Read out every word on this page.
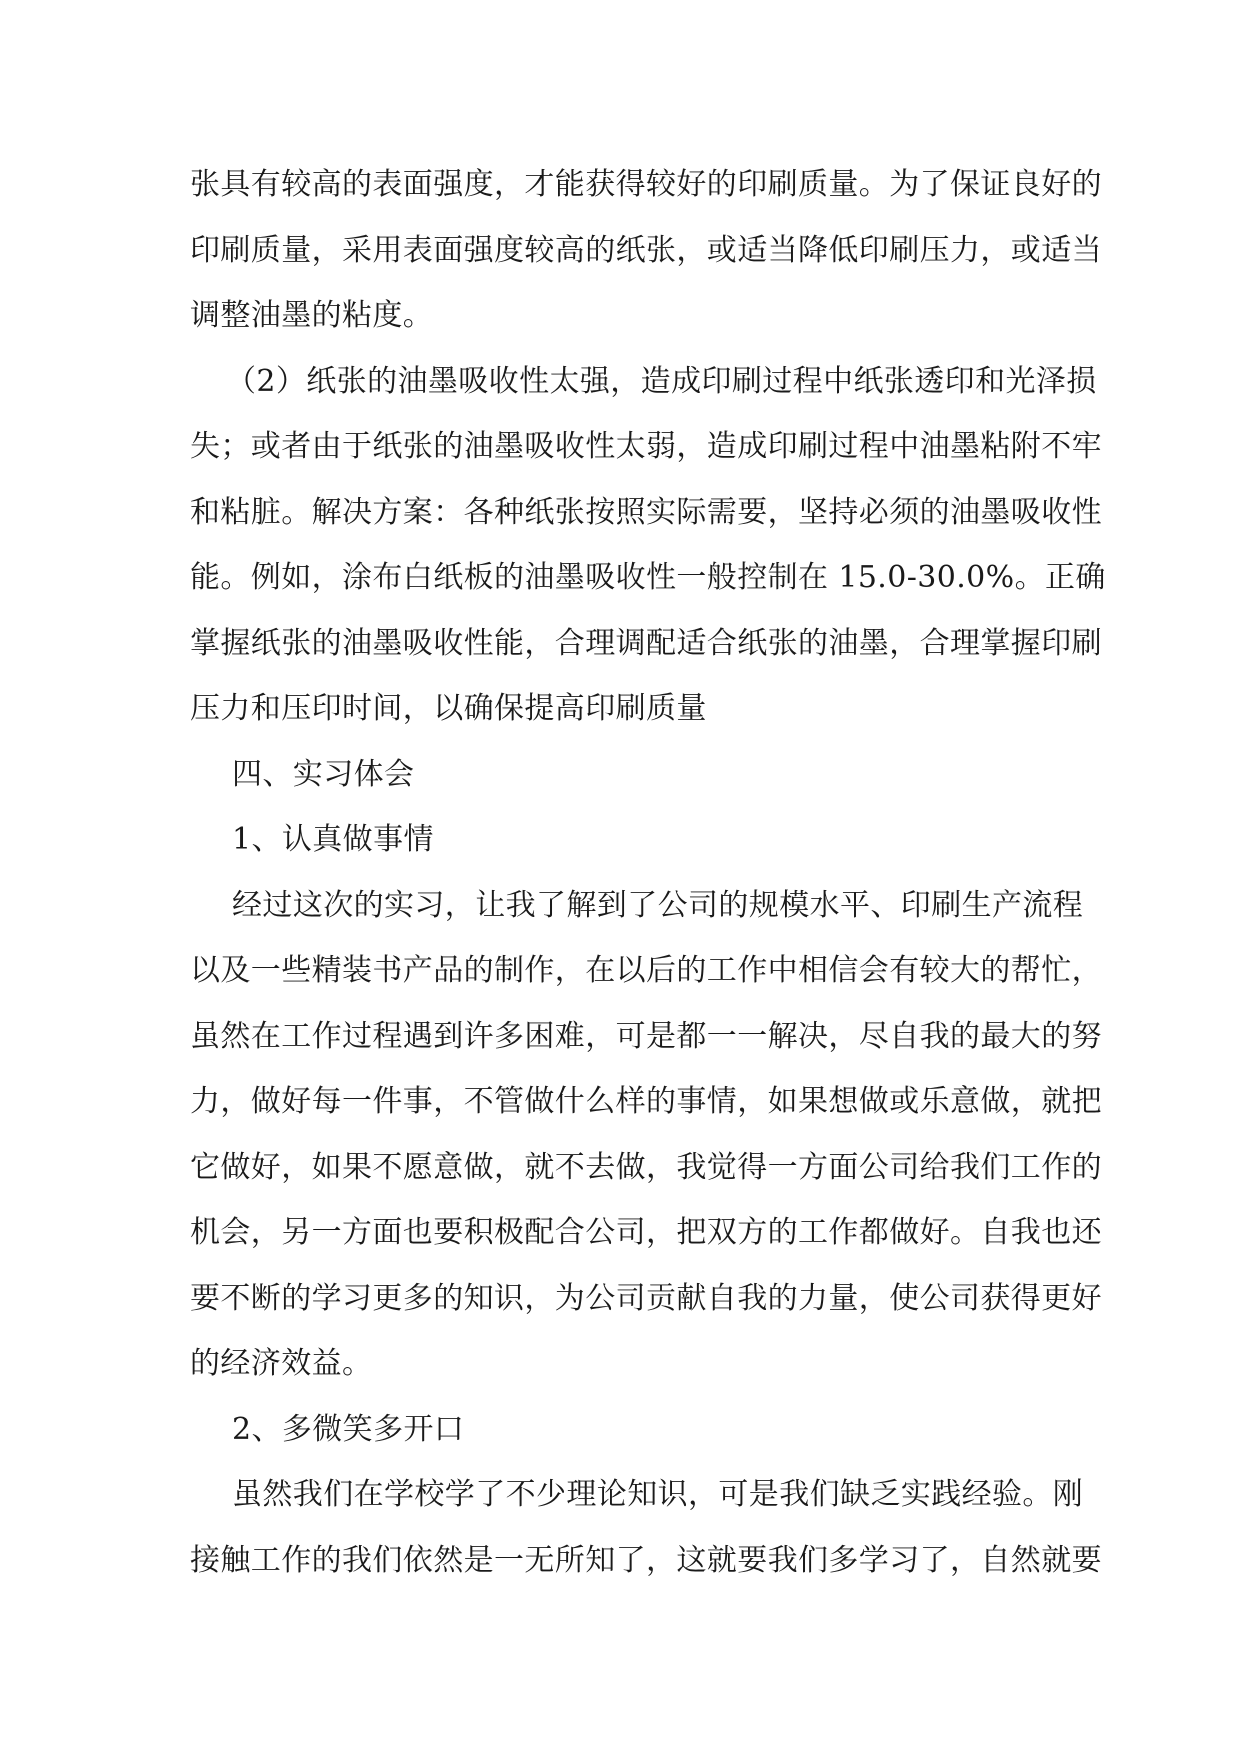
张具有较高的表面强度，才能获得较好的印刷质量。为了保证良好的
印刷质量，采用表面强度较高的纸张，或适当降低印刷压力，或适当
调整油墨的粘度。
（2）纸张的油墨吸收性太强，造成印刷过程中纸张透印和光泽损
失；或者由于纸张的油墨吸收性太弱，造成印刷过程中油墨粘附不牢
和粘脏。解决方案：各种纸张按照实际需要，坚持必须的油墨吸收性
能。例如，涂布白纸板的油墨吸收性一般控制在 15.0-30.0%。正确
掌握纸张的油墨吸收性能，合理调配适合纸张的油墨，合理掌握印刷
压力和压印时间，以确保提高印刷质量
四、实习体会
1、认真做事情
经过这次的实习，让我了解到了公司的规模水平、印刷生产流程
以及一些精装书产品的制作，在以后的工作中相信会有较大的帮忙，
虽然在工作过程遇到许多困难，可是都一一解决，尽自我的最大的努
力，做好每一件事，不管做什么样的事情，如果想做或乐意做，就把
它做好，如果不愿意做，就不去做，我觉得一方面公司给我们工作的
机会，另一方面也要积极配合公司，把双方的工作都做好。自我也还
要不断的学习更多的知识，为公司贡献自我的力量，使公司获得更好
的经济效益。
2、多微笑多开口
虽然我们在学校学了不少理论知识，可是我们缺乏实践经验。刚
接触工作的我们依然是一无所知了，这就要我们多学习了，自然就要
